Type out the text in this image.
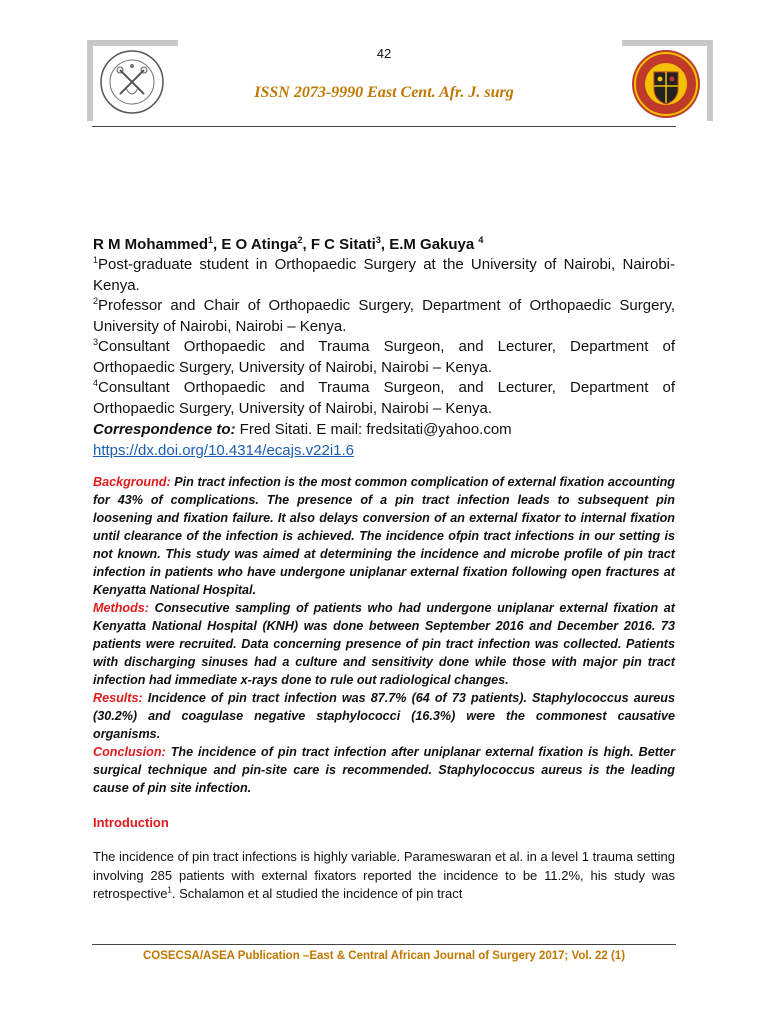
42
ISSN 2073-9990 East Cent. Afr. J. surg
R M Mohammed$^1$, E O Atinga$^2$, F C Sitati$^3$, E.M Gakuya $^4$
$^1$Post-graduate student in Orthopaedic Surgery at the University of Nairobi, Nairobi-Kenya.
$^2$Professor and Chair of Orthopaedic Surgery, Department of Orthopaedic Surgery, University of Nairobi, Nairobi – Kenya.
$^3$Consultant Orthopaedic and Trauma Surgeon, and Lecturer, Department of Orthopaedic Surgery, University of Nairobi, Nairobi – Kenya.
$^4$Consultant Orthopaedic and Trauma Surgeon, and Lecturer, Department of Orthopaedic Surgery, University of Nairobi, Nairobi – Kenya.
Correspondence to: Fred Sitati. E mail: fredsitati@yahoo.com
https://dx.doi.org/10.4314/ecajs.v22i1.6

Background: Pin tract infection is the most common complication of external fixation accounting for 43% of complications. The presence of a pin tract infection leads to subsequent pin loosening and fixation failure. It also delays conversion of an external fixator to internal fixation until clearance of the infection is achieved. The incidence ofpin tract infections in our setting is not known. This study was aimed at determining the incidence and microbe profile of pin tract infection in patients who have undergone uniplanar external fixation following open fractures at Kenyatta National Hospital.

Methods: Consecutive sampling of patients who had undergone uniplanar external fixation at Kenyatta National Hospital (KNH) was done between September 2016 and December 2016. 73 patients were recruited. Data concerning presence of pin tract infection was collected. Patients with discharging sinuses had a culture and sensitivity done while those with major pin tract infection had immediate x-rays done to rule out radiological changes.

Results: Incidence of pin tract infection was 87.7% (64 of 73 patients). Staphylococcus aureus (30.2%) and coagulase negative staphylococci (16.3%) were the commonest causative organisms.

Conclusion: The incidence of pin tract infection after uniplanar external fixation is high. Better surgical technique and pin-site care is recommended. Staphylococcus aureus is the leading cause of pin site infection.

Introduction
The incidence of pin tract infections is highly variable. Parameswaran et al. in a level 1 trauma setting involving 285 patients with external fixators reported the incidence to be 11.2%, his study was retrospective$^1$. Schalamon et al studied the incidence of pin tract
COSECSA/ASEA Publication –East & Central African Journal of Surgery 2017; Vol. 22 (1)
